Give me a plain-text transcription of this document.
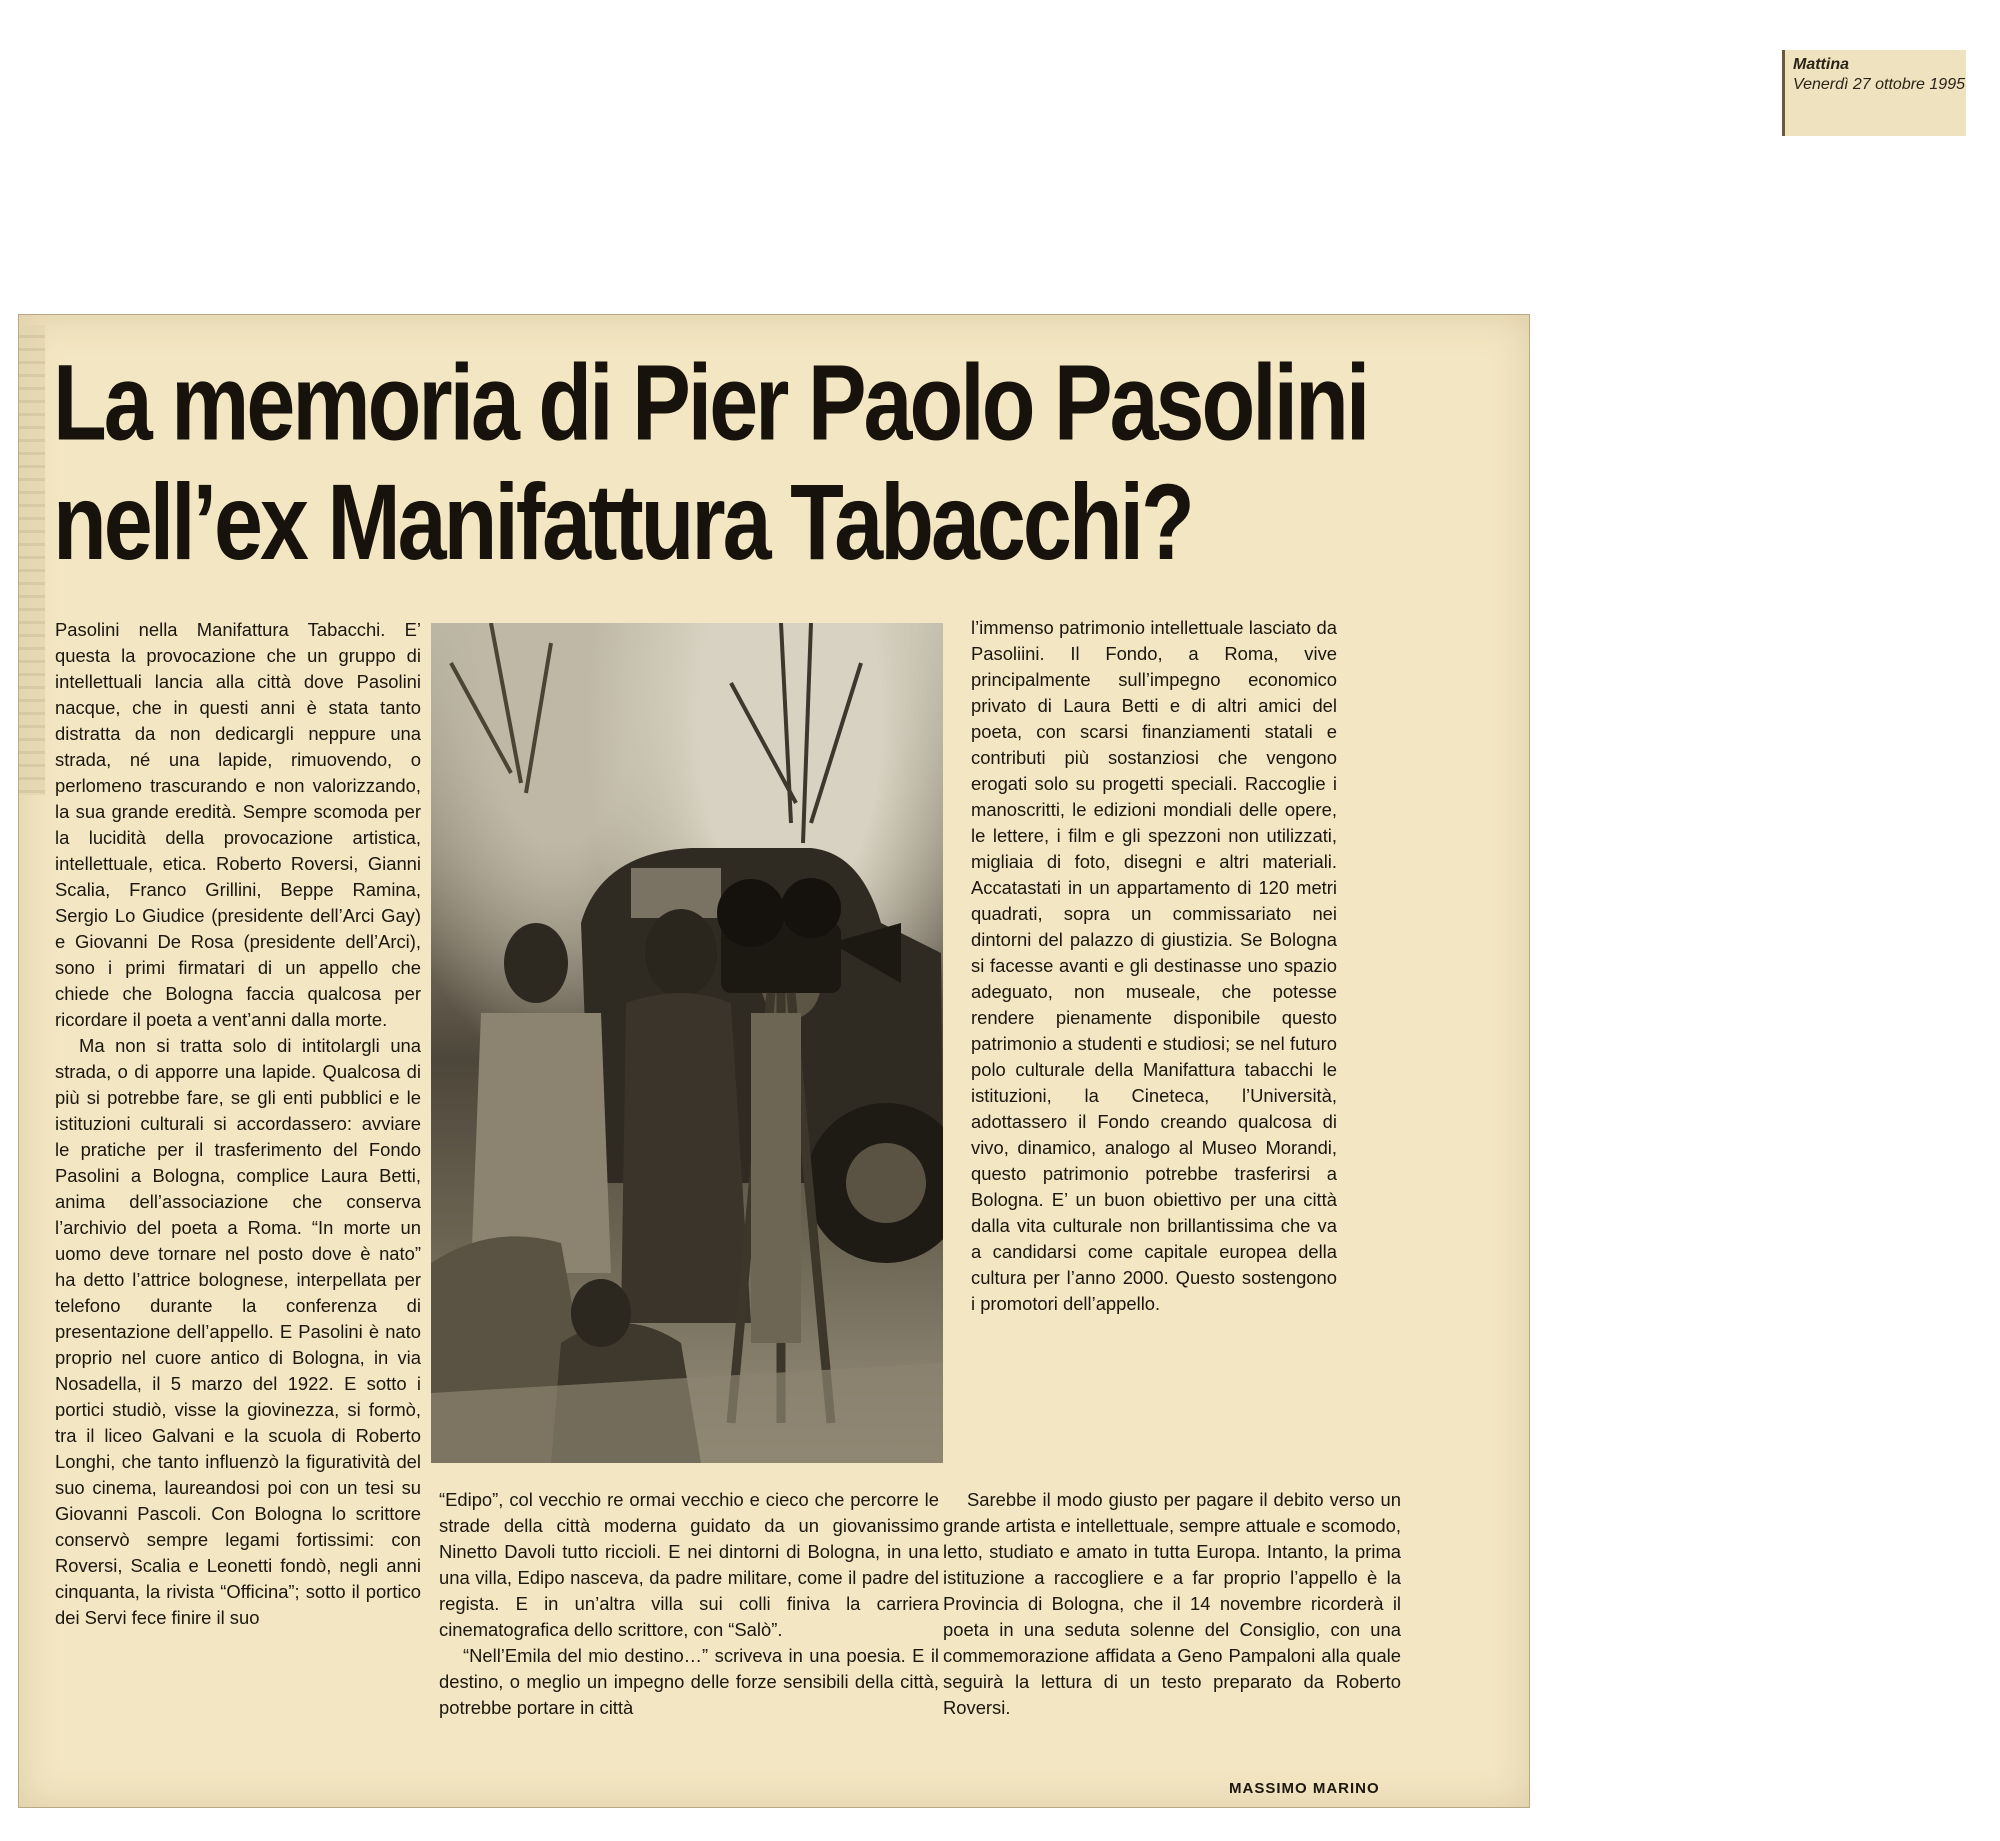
Mattina
Venerdì 27 ottobre 1995
La memoria di Pier Paolo Pasolini
nell’ex Manifattura Tabacchi?

Pasolini nella Manifattura Tabacchi. E’ questa la provocazione che un gruppo di intellettuali lancia alla città dove Pasolini nacque, che in questi anni è stata tanto distratta da non dedicargli neppure una strada, né una lapide, rimuovendo, o perlomeno trascurando e non valorizzando, la sua grande eredità. Sempre scomoda per la lucidità della provocazione artistica, intellettuale, etica. Roberto Roversi, Gianni Scalia, Franco Grillini, Beppe Ramina, Sergio Lo Giudice (presidente dell’Arci Gay) e Giovanni De Rosa (presidente dell’Arci), sono i primi firmatari di un appello che chiede che Bologna faccia qualcosa per ricordare il poeta a vent’anni dalla morte.

Ma non si tratta solo di intitolargli una strada, o di apporre una lapide. Qualcosa di più si potrebbe fare, se gli enti pubblici e le istituzioni culturali si accordassero: avviare le pratiche per il trasferimento del Fondo Pasolini a Bologna, complice Laura Betti, anima dell’associazione che conserva l’archivio del poeta a Roma. “In morte un uomo deve tornare nel posto dove è nato” ha detto l’attrice bolognese, interpellata per telefono durante la conferenza di presentazione dell’appello. E Pasolini è nato proprio nel cuore antico di Bologna, in via Nosadella, il 5 marzo del 1922. E sotto i portici studiò, visse la giovinezza, si formò, tra il liceo Galvani e la scuola di Roberto Longhi, che tanto influenzò la figuratività del suo cinema, laureandosi poi con un tesi su Giovanni Pascoli. Con Bologna lo scrittore conservò sempre legami fortissimi: con Roversi, Scalia e Leonetti fondò, negli anni cinquanta, la rivista “Officina”; sotto il portico dei Servi fece finire il suo

l’immenso patrimonio intellettuale lasciato da Pasoliini. Il Fondo, a Roma, vive principalmente sull’impegno economico privato di Laura Betti e di altri amici del poeta, con scarsi finanziamenti statali e contributi più sostanziosi che vengono erogati solo su progetti speciali. Raccoglie i manoscritti, le edizioni mondiali delle opere, le lettere, i film e gli spezzoni non utilizzati, migliaia di foto, disegni e altri materiali. Accatastati in un appartamento di 120 metri quadrati, sopra un commissariato nei dintorni del palazzo di giustizia. Se Bologna si facesse avanti e gli destinasse uno spazio adeguato, non museale, che potesse rendere pienamente disponibile questo patrimonio a studenti e studiosi; se nel futuro polo culturale della Manifattura tabacchi le istituzioni, la Cineteca, l’Università, adottassero il Fondo creando qualcosa di vivo, dinamico, analogo al Museo Morandi, questo patrimonio potrebbe trasferirsi a Bologna. E’ un buon obiettivo per una città dalla vita culturale non brillantissima che va a candidarsi come capitale europea della cultura per l’anno 2000. Questo sostengono i promotori dell’appello.

“Edipo”, col vecchio re ormai vecchio e cieco che percorre le strade della città moderna guidato da un giovanissimo Ninetto Davoli tutto riccioli. E nei dintorni di Bologna, in una una villa, Edipo nasceva, da padre militare, come il padre del regista. E in un’altra villa sui colli finiva la carriera cinematografica dello scrittore, con “Salò”.

“Nell’Emila del mio destino…” scriveva in una poesia. E il destino, o meglio un impegno delle forze sensibili della città, potrebbe portare in città

Sarebbe il modo giusto per pagare il debito verso un grande artista e intellettuale, sempre attuale e scomodo, letto, studiato e amato in tutta Europa. Intanto, la prima istituzione a raccogliere e a far proprio l’appello è la Provincia di Bologna, che il 14 novembre ricorderà il poeta in una seduta solenne del Consiglio, con una commemorazione affidata a Geno Pampaloni alla quale seguirà la lettura di un testo preparato da Roberto Roversi.

MASSIMO MARINO
